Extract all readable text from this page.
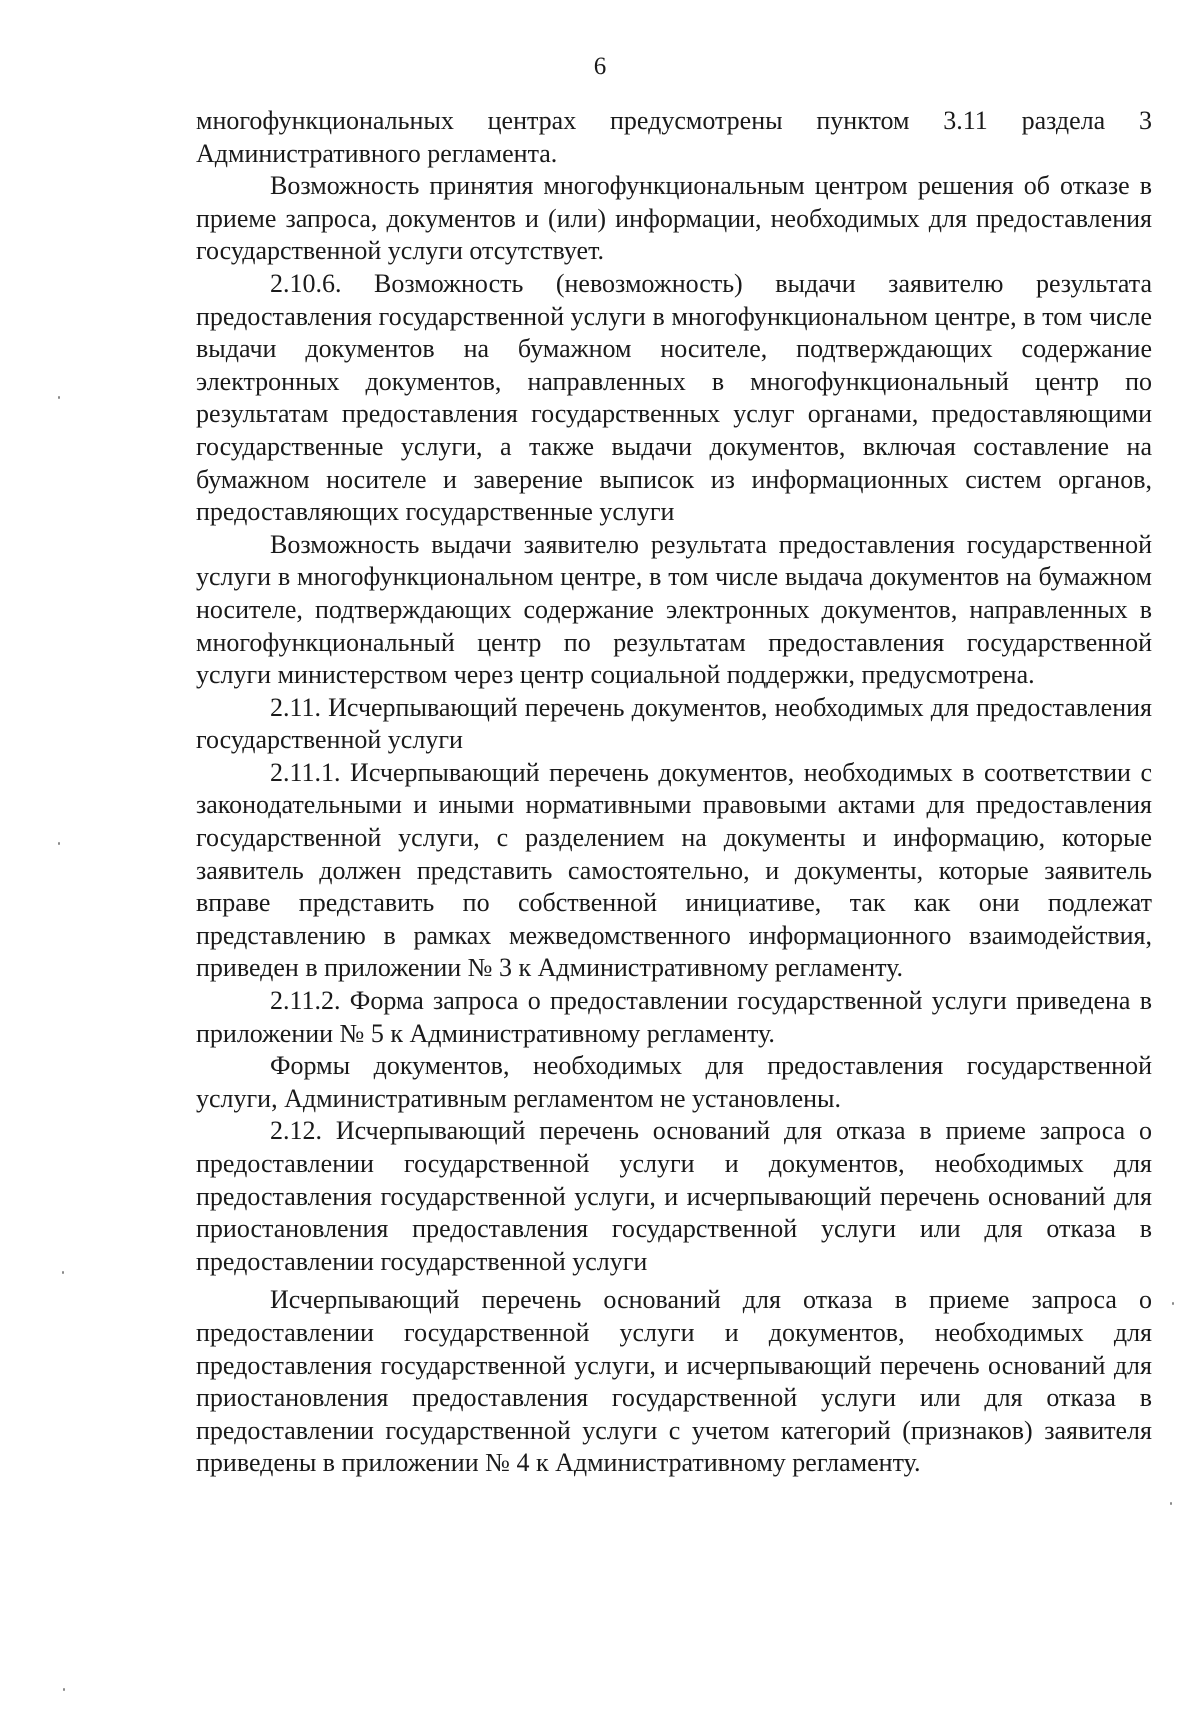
6

многофункциональных центрах предусмотрены пунктом 3.11 раздела 3 Административного регламента.

Возможность принятия многофункциональным центром решения об отказе в приеме запроса, документов и (или) информации, необходимых для предоставления государственной услуги отсутствует.

2.10.6. Возможность (невозможность) выдачи заявителю результата предоставления государственной услуги в многофункциональном центре, в том числе выдачи документов на бумажном носителе, подтверждающих содержание электронных документов, направленных в многофункциональный центр по результатам предоставления государственных услуг органами, предоставляющими государственные услуги, а также выдачи документов, включая составление на бумажном носителе и заверение выписок из информационных систем органов, предоставляющих государственные услуги

Возможность выдачи заявителю результата предоставления государственной услуги в многофункциональном центре, в том числе выдача документов на бумажном носителе, подтверждающих содержание электронных документов, направленных в многофункциональный центр по результатам предоставления государственной услуги министерством через центр социальной поддержки, предусмотрена.

2.11. Исчерпывающий перечень документов, необходимых для предоставления государственной услуги

2.11.1. Исчерпывающий перечень документов, необходимых в соответствии с законодательными и иными нормативными правовыми актами для предоставления государственной услуги, с разделением на документы и информацию, которые заявитель должен представить самостоятельно, и документы, которые заявитель вправе представить по собственной инициативе, так как они подлежат представлению в рамках межведомственного информационного взаимодействия, приведен в приложении № 3 к Административному регламенту.

2.11.2. Форма запроса о предоставлении государственной услуги приведена в приложении № 5 к Административному регламенту.

Формы документов, необходимых для предоставления государственной услуги, Административным регламентом не установлены.

2.12. Исчерпывающий перечень оснований для отказа в приеме запроса о предоставлении государственной услуги и документов, необходимых для предоставления государственной услуги, и исчерпывающий перечень оснований для приостановления предоставления государственной услуги или для отказа в предоставлении государственной услуги

Исчерпывающий перечень оснований для отказа в приеме запроса о предоставлении государственной услуги и документов, необходимых для предоставления государственной услуги, и исчерпывающий перечень оснований для приостановления предоставления государственной услуги или для отказа в предоставлении государственной услуги с учетом категорий (признаков) заявителя приведены в приложении № 4 к Административному регламенту.
